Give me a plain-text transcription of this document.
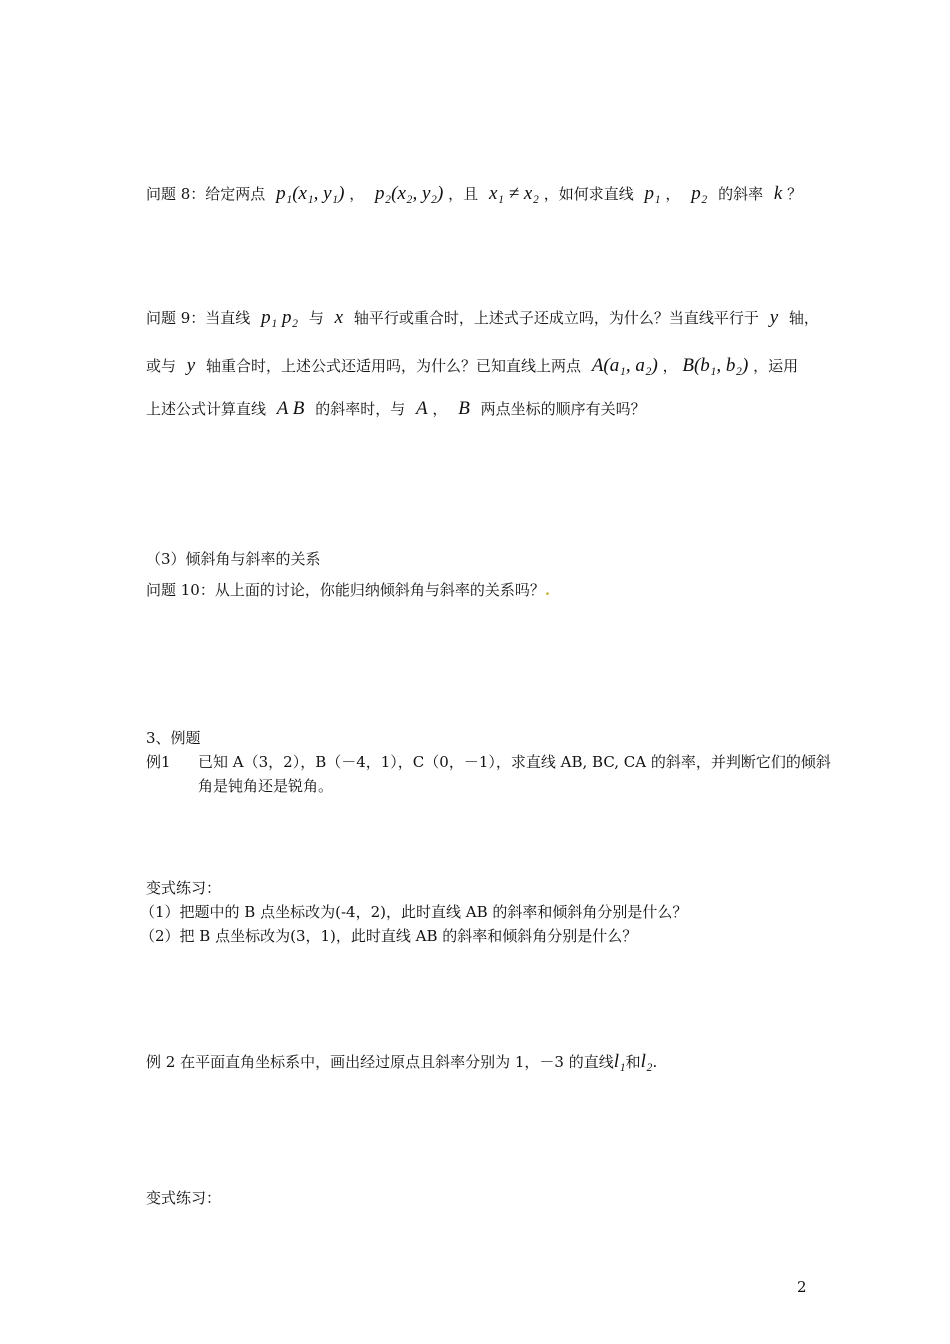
问题 8：给定两点 p₁(x₁, y₁) ， p₂(x₂, y₂) ，且 x₁ ≠ x₂ ，如何求直线 p₁ ， p₂ 的斜率 k ？
问题 9：当直线 p₁ p₂ 与 x 轴平行或重合时，上述式子还成立吗，为什么？当直线平行于 y 轴，
或与 y 轴重合时，上述公式还适用吗，为什么？已知直线上两点 A(a₁, a₂) ， B(b₁, b₂) ，运用
上述公式计算直线 A B 的斜率时，与 A ， B 两点坐标的顺序有关吗？
（3）倾斜角与斜率的关系
问题 10：从上面的讨论，你能归纳倾斜角与斜率的关系吗？.
3、例题
例1 已知 A（3，2），B（－4，1），C（0，－1），求直线 AB, BC, CA 的斜率，并判断它们的倾斜
角是钝角还是锐角。
变式练习：
（1）把题中的 B 点坐标改为(-4，2)，此时直线 AB 的斜率和倾斜角分别是什么？
（2）把 B 点坐标改为(3，1)，此时直线 AB 的斜率和倾斜角分别是什么？
例 2 在平面直角坐标系中，画出经过原点且斜率分别为 1，－3 的直线l₁和l₂.
变式练习：
2
